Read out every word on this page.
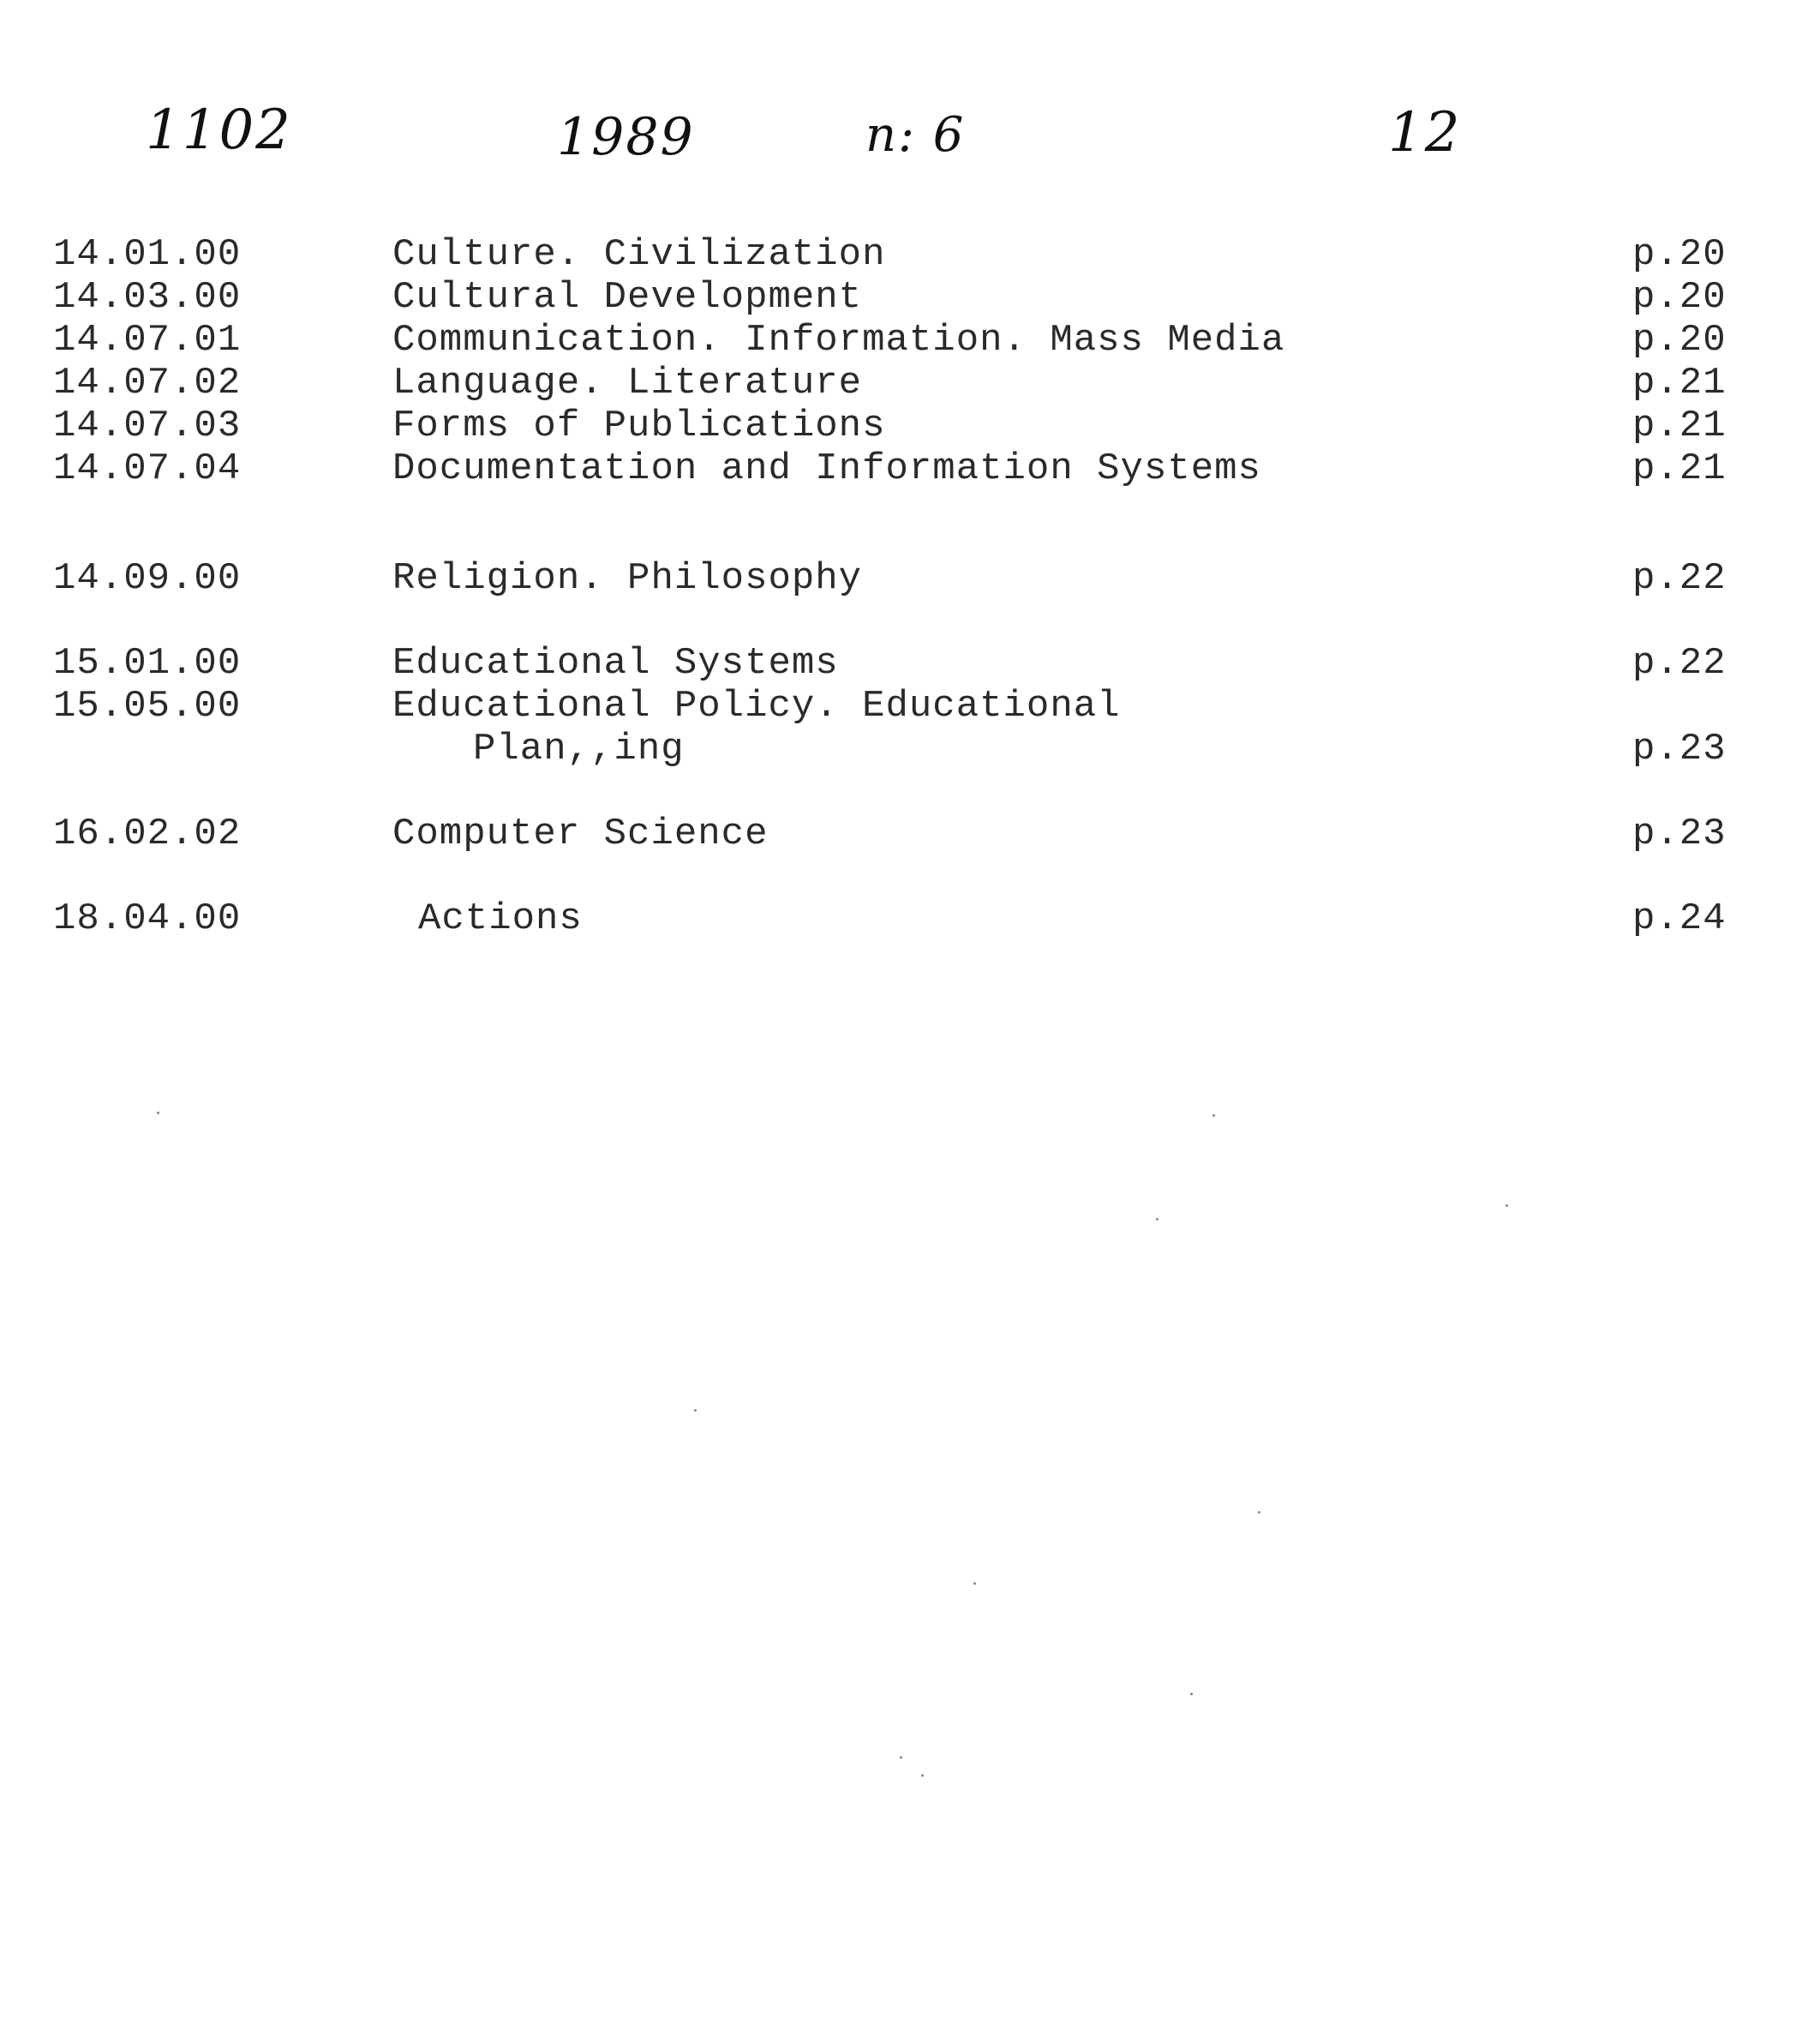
1102	1989	n: 6	12
14.01.00	Culture. Civilization	p.20
14.03.00	Cultural Development	p.20
14.07.01	Communication. Information. Mass Media	p.20
14.07.02	Language. Literature	p.21
14.07.03	Forms of Publications	p.21
14.07.04	Documentation and Information Systems	p.21
14.09.00	Religion. Philosophy	p.22
15.01.00	Educational Systems	p.22
15.05.00	Educational Policy. Educational
Plan,,ing	p.23
16.02.02	Computer Science	p.23
18.04.00	Actions	p.24
